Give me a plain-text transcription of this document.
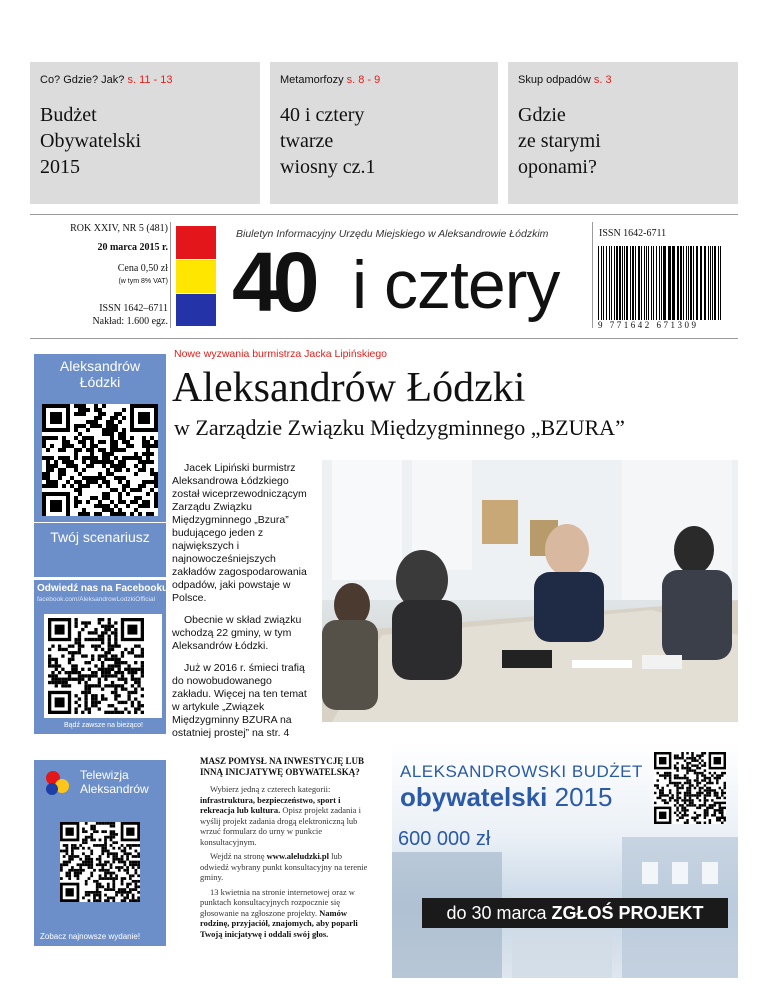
Co? Gdzie? Jak? s. 11 - 13
Budżet
Obywatelski
2015
Metamorfozy s. 8 - 9
40 i cztery
twarze
wiosny cz.1
Skup odpadów s. 3
Gdzie
ze starymi
oponami?
ROK XXIV, NR 5 (481)
20 marca 2015 r.
Cena 0,50 zł
(w tym 8% VAT)
ISSN 1642–6711
Nakład: 1.600 egz.
Biuletyn Informacyjny Urzędu Miejskiego w Aleksandrowie Łódzkim
40 i cztery
ISSN 1642-6711
9 771642 671309
Aleksandrów Łódzki
Twój scenariusz
Odwiedź nas na Facebooku!
facebook.com/AleksandrowLodzkiOfficial
Bądź zawsze na bieżąco!
Telewizja Aleksandrów
Zobacz najnowsze wydanie!
Nowe wyzwania burmistrza Jacka Lipińskiego
Aleksandrów Łódzki
w Zarządzie Związku Międzygminnego „BZURA”

Jacek Lipiński burmistrz Aleksandrowa Łódzkiego został wiceprzewodniczącym Zarządu Związku Międzygminnego „Bzura” budującego jeden z największych i najnowocześniejszych zakładów zagospodarowania odpadów, jaki powstaje w Polsce.

Obecnie w skład związku wchodzą 22 gminy, w tym Aleksandrów Łódzki.

Już w 2016 r. śmieci trafią do nowobudowanego zakładu. Więcej na ten temat w artykule „Związek Międzygminny BZURA na ostatniej prostej” na str. 4

MASZ POMYSŁ NA INWESTYCJĘ LUB INNĄ INICJATYWĘ OBYWATELSKĄ?

Wybierz jedną z czterech kategorii: infrastruktura, bezpieczeństwo, sport i rekreacja lub kultura. Opisz projekt zadania i wyślij projekt zadania drogą elektroniczną lub wrzuć formularz do urny w punkcie konsultacyjnym.

Wejdź na stronę www.aleludzki.pl lub odwiedź wybrany punkt konsultacyjny na terenie gminy.

13 kwietnia na stronie internetowej oraz w punktach konsultacyjnych rozpocznie się głosowanie na zgłoszone projekty. Namów rodzinę, przyjaciół, znajomych, aby poparli Twoją inicjatywę i oddali swój głos.

ALEKSANDROWSKI BUDŻET
obywatelski 2015
600 000 zł
do 30 marca ZGŁOŚ PROJEKT
